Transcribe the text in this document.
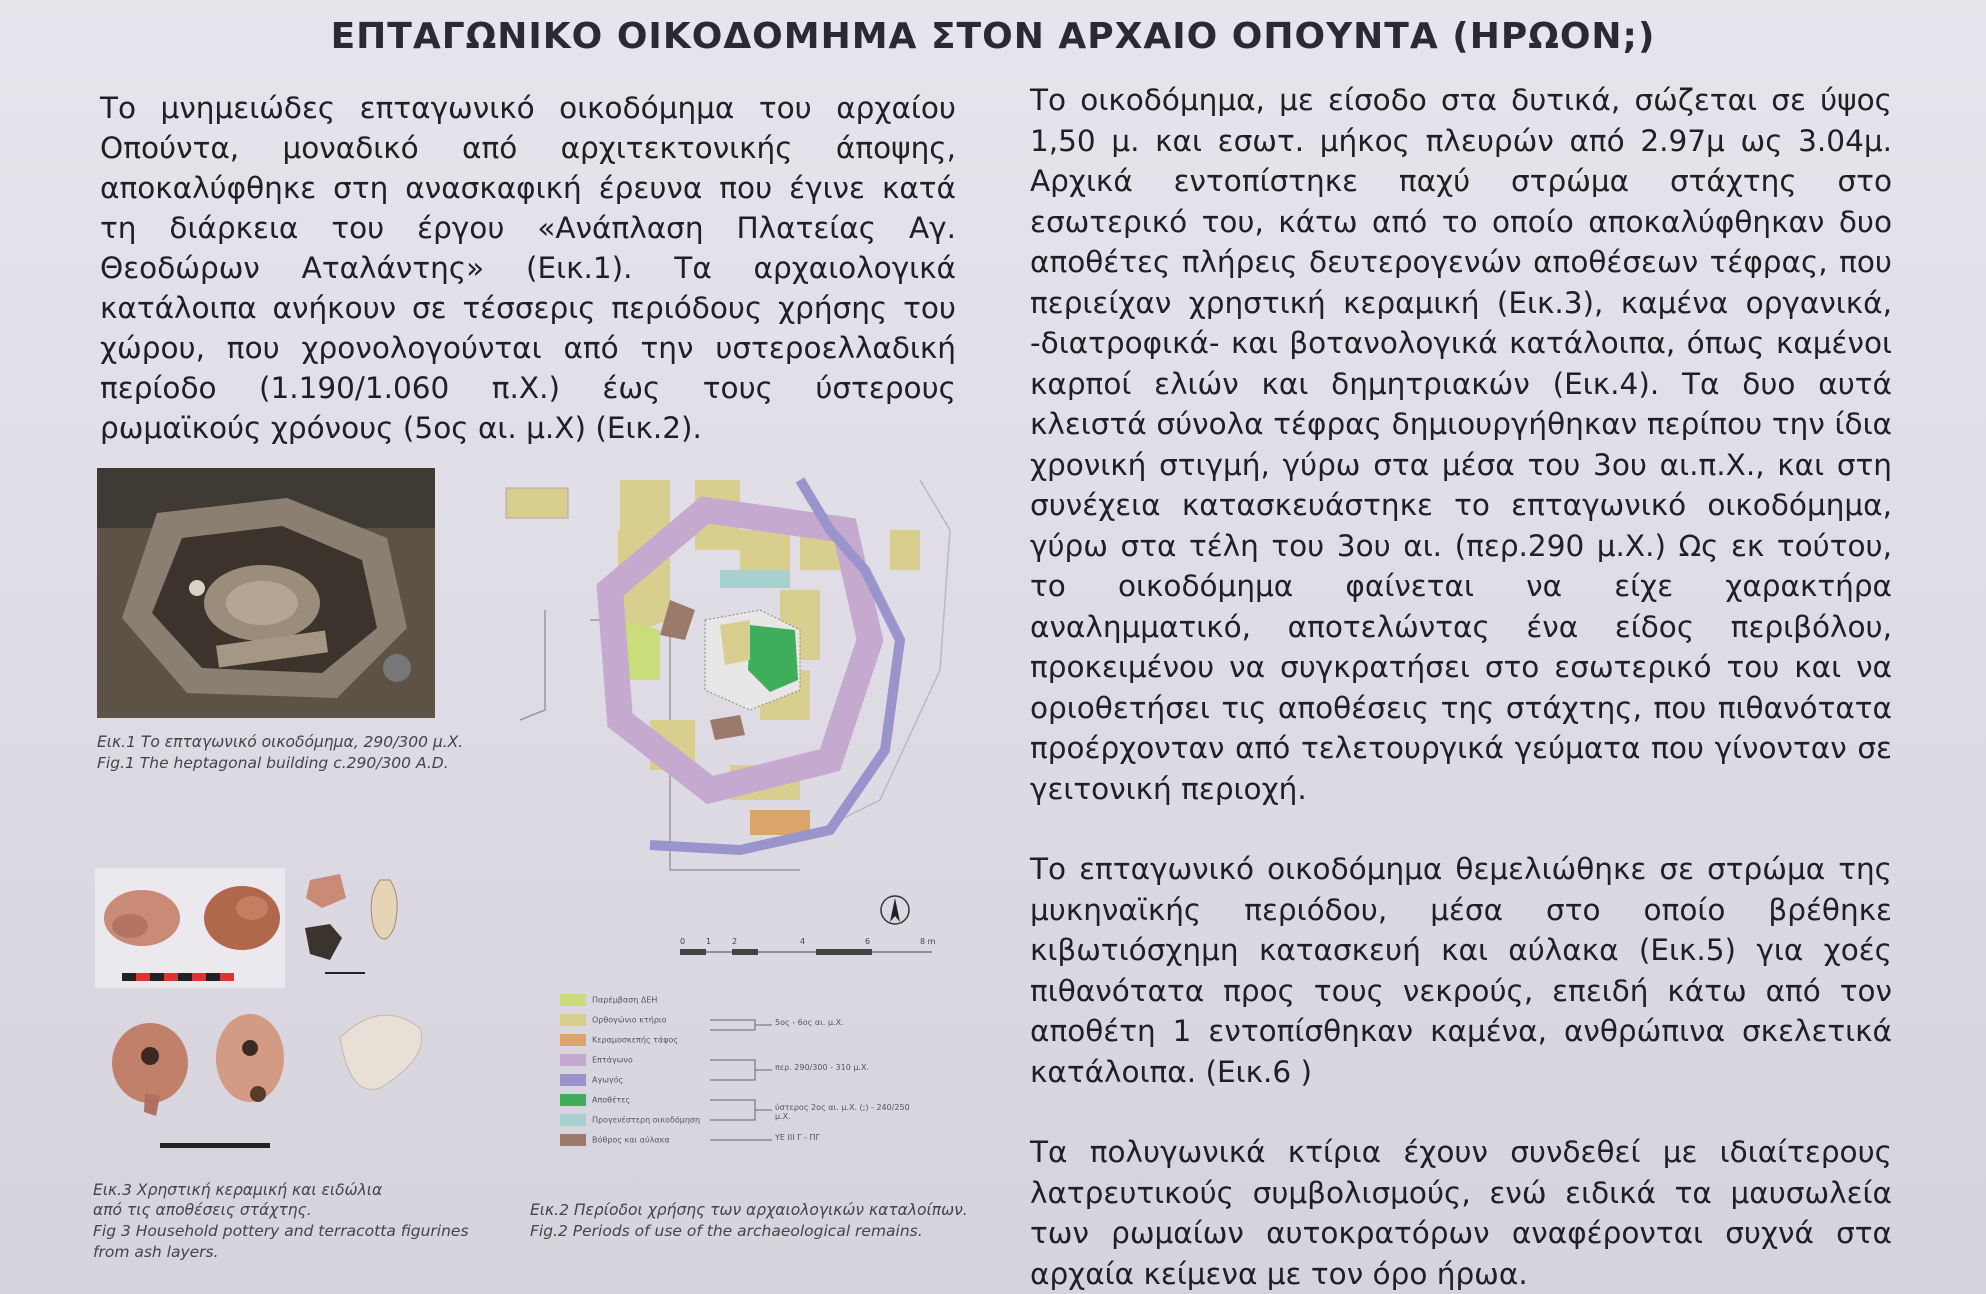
ΕΠΤΑΓΩΝΙΚΟ ΟΙΚΟΔΟΜΗΜΑ ΣΤΟΝ ΑΡΧΑΙΟ ΟΠΟΥΝΤΑ (ΗΡΩΟΝ;)

Το μνημειώδες επταγωνικό οικοδόμημα του αρχαίου Οπούντα, μοναδικό από αρχιτεκτονικής άποψης, αποκαλύφθηκε στη ανασκαφική έρευνα που έγινε κατά τη διάρκεια του έργου «Ανάπλαση Πλατείας Αγ. Θεοδώρων Αταλάντης» (Εικ.1). Τα αρχαιολογικά κατάλοιπα ανήκουν σε τέσσερις περιόδους χρήσης του χώρου, που χρονολογούνται από την υστεροελλαδική περίοδο (1.190/1.060 π.Χ.) έως τους ύστερους ρωμαϊκούς χρόνους (5ος αι. μ.Χ) (Εικ.2).

Το οικοδόμημα, με είσοδο στα δυτικά, σώζεται σε ύψος 1,50 μ. και εσωτ. μήκος πλευρών από 2.97μ ως 3.04μ. Αρχικά εντοπίστηκε παχύ στρώμα στάχτης στο εσωτερικό του, κάτω από το οποίο αποκαλύφθηκαν δυο αποθέτες πλήρεις δευτερογενών αποθέσεων τέφρας, που περιείχαν χρηστική κεραμική (Εικ.3), καμένα οργανικά, -διατροφικά- και βοτανολογικά κατάλοιπα, όπως καμένοι καρποί ελιών και δημητριακών (Εικ.4). Τα δυο αυτά κλειστά σύνολα τέφρας δημιουργήθηκαν περίπου την ίδια χρονική στιγμή, γύρω στα μέσα του 3ου αι.π.Χ., και στη συνέχεια κατασκευάστηκε το επταγωνικό οικοδόμημα, γύρω στα τέλη του 3ου αι. (περ.290 μ.Χ.) Ως εκ τούτου, το οικοδόμημα φαίνεται να είχε χαρακτήρα αναλημματικό, αποτελώντας ένα είδος περιβόλου, προκειμένου να συγκρατήσει στο εσωτερικό του και να οριοθετήσει τις αποθέσεις της στάχτης, που πιθανότατα προέρχονταν από τελετουργικά γεύματα που γίνονταν σε γειτονική περιοχή.

Το επταγωνικό οικοδόμημα θεμελιώθηκε σε στρώμα της μυκηναϊκής περιόδου, μέσα στο οποίο βρέθηκε κιβωτιόσχημη κατασκευή και αύλακα (Εικ.5) για χοές πιθανότατα προς τους νεκρούς, επειδή κάτω από τον αποθέτη 1 εντοπίσθηκαν καμένα, ανθρώπινα σκελετικά κατάλοιπα. (Εικ.6 )

Τα πολυγωνικά κτίρια έχουν συνδεθεί με ιδιαίτερους λατρευτικούς συμβολισμούς, ενώ ειδικά τα μαυσωλεία των ρωμαίων αυτοκρατόρων αναφέρονται συχνά στα αρχαία κείμενα με τον όρο ήρωα.

Εικ.1 Το επταγωνικό οικοδόμημα, 290/300 μ.Χ.
Fig.1 The heptagonal building c.290/300 A.D.
0	1	2	4	6	8 m
Παρέμβαση ΔΕΗ
Ορθογώνιο κτήριο
Κεραμοσκεπής τάφος
Επτάγωνο
Αγωγός
Αποθέτες
Προγενέστερη οικοδόμηση
Βόθρος και αύλακα
5ος - 6ος αι. μ.Χ.
περ. 290/300 - 310 μ.Χ.
ύστερος 2ος αι. μ.Χ. (;) - 240/250 μ.Χ.
ΥΕ ΙΙΙ Γ - ΠΓ
Εικ.2 Περίοδοι χρήσης των αρχαιολογικών καταλοίπων.
Fig.2 Periods of use of the archaeological remains.
Εικ.3 Χρηστική κεραμική και ειδώλια
από τις αποθέσεις στάχτης.
Fig 3 Household pottery and terracotta figurines
from ash layers.
